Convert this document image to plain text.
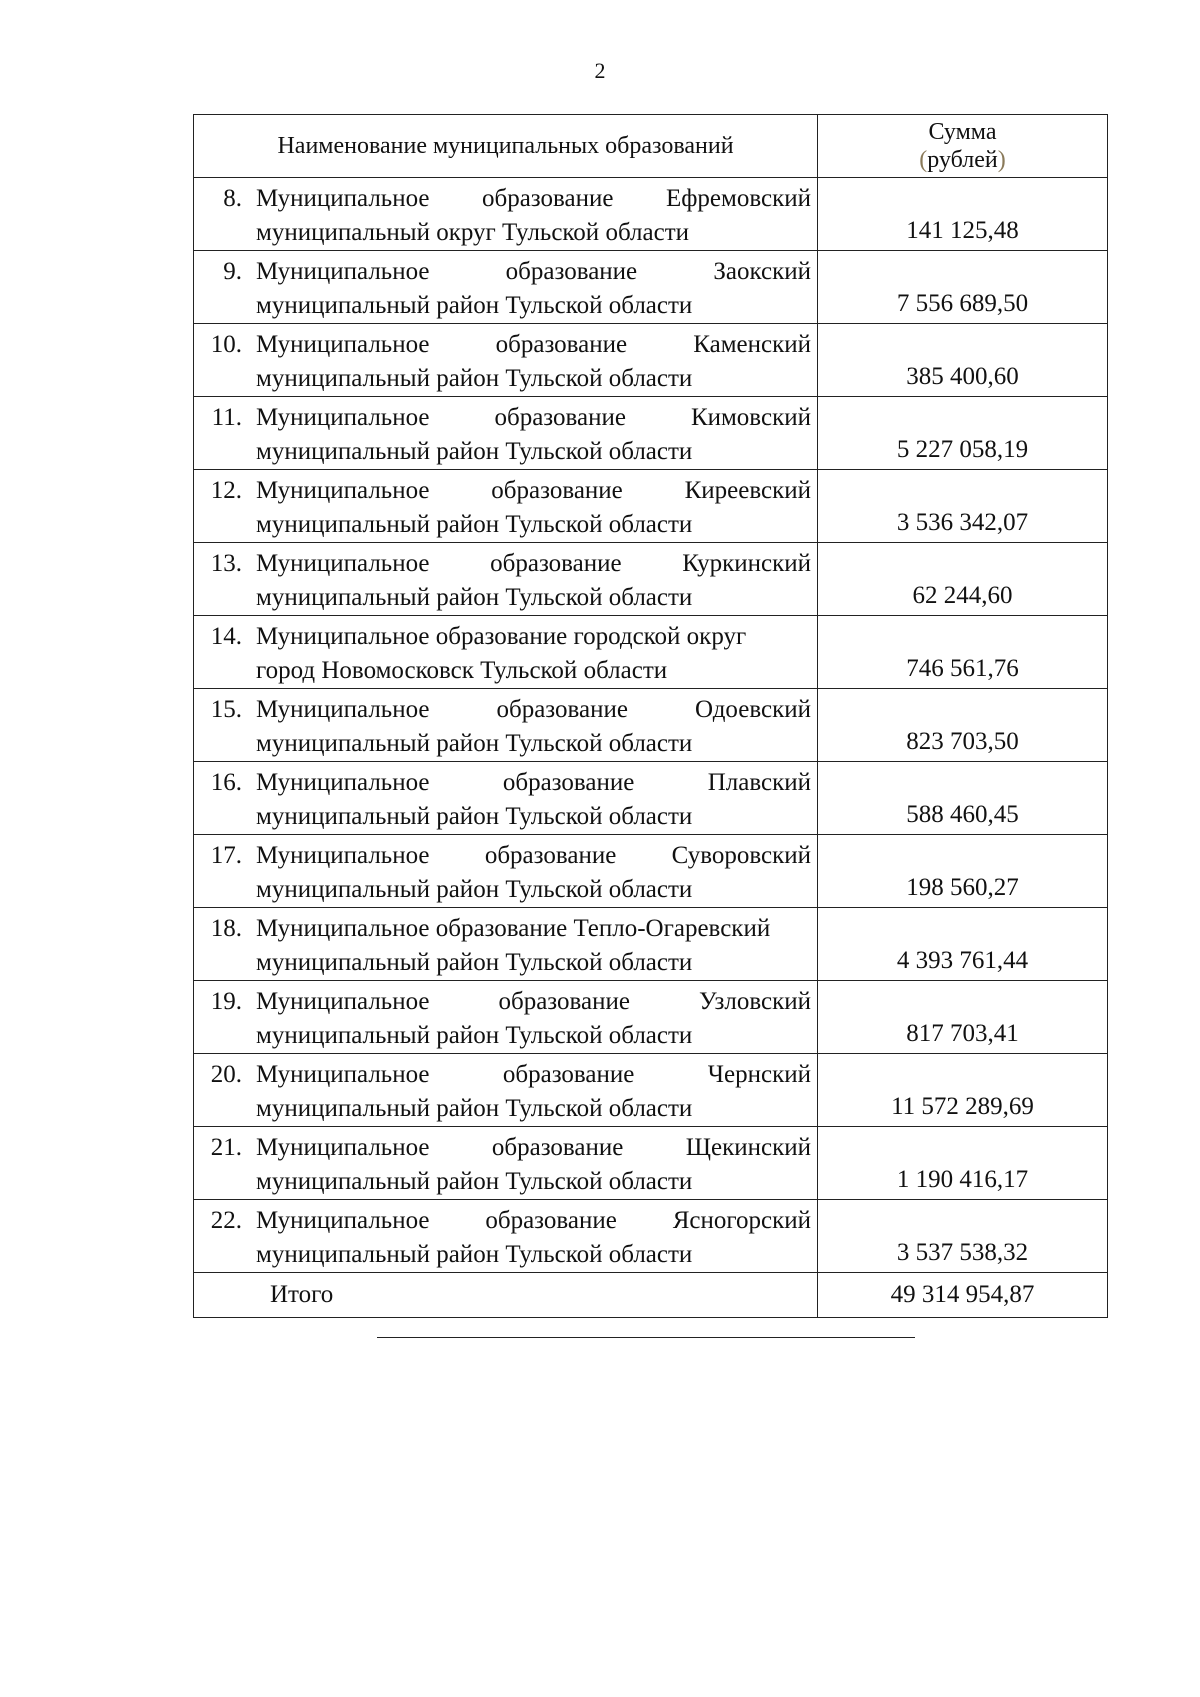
2
Наименование муниципальных образований	Сумма
(рублей)

8. Муниципальное образование Ефремовский
муниципальный округ Тульской области	141 125,48

9. Муниципальное образование Заокский
муниципальный район Тульской области	7 556 689,50

10. Муниципальное образование Каменский
муниципальный район Тульской области	385 400,60

11. Муниципальное образование Кимовский
муниципальный район Тульской области	5 227 058,19

12. Муниципальное образование Киреевский
муниципальный район Тульской области	3 536 342,07

13. Муниципальное образование Куркинский
муниципальный район Тульской области	62 244,60

14. Муниципальное образование городской округ
город Новомосковск Тульской области	746 561,76

15. Муниципальное образование Одоевский
муниципальный район Тульской области	823 703,50

16. Муниципальное образование Плавский
муниципальный район Тульской области	588 460,45

17. Муниципальное образование Суворовский
муниципальный район Тульской области	198 560,27

18. Муниципальное образование Тепло-Огаревский
муниципальный район Тульской области	4 393 761,44

19. Муниципальное образование Узловский
муниципальный район Тульской области	817 703,41

20. Муниципальное образование Чернский
муниципальный район Тульской области	11 572 289,69

21. Муниципальное образование Щекинский
муниципальный район Тульской области	1 190 416,17

22. Муниципальное образование Ясногорский
муниципальный район Тульской области	3 537 538,32

Итого	49 314 954,87
